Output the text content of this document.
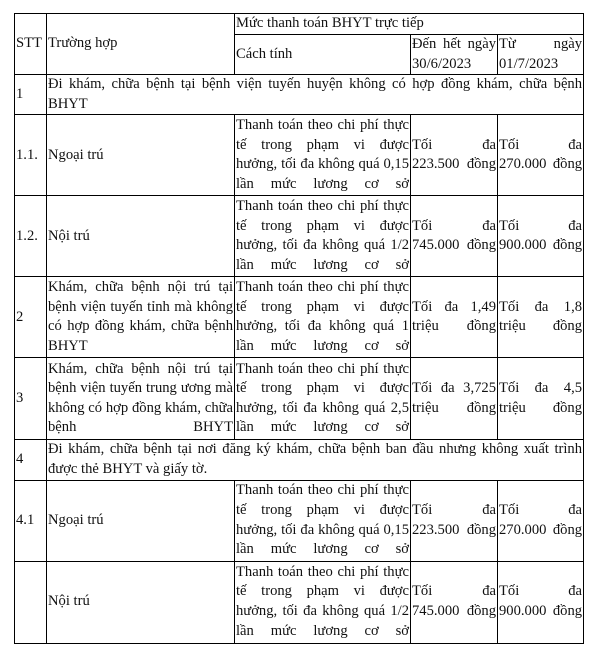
STT	Trường hợp	Mức thanh toán BHYT trực tiếp		
		Cách tính	Đến hết ngày 30/6/2023	Từ ngày 01/7/2023
1	Đi khám, chữa bệnh tại bệnh viện tuyến huyện không có hợp đồng khám, chữa bệnh BHYT			
1.1.	Ngoại trú	Thanh toán theo chi phí thực tế trong phạm vi được hưởng, tối đa không quá 0,15 lần mức lương cơ sở	Tối đa 223.500 đồng	Tối đa 270.000 đồng
1.2.	Nội trú	Thanh toán theo chi phí thực tế trong phạm vi được hưởng, tối đa không quá 1/2 lần mức lương cơ sở	Tối đa 745.000 đồng	Tối đa 900.000 đồng
2	Khám, chữa bệnh nội trú tại bệnh viện tuyến tỉnh mà không có hợp đồng khám, chữa bệnh BHYT	Thanh toán theo chi phí thực tế trong phạm vi được hưởng, tối đa không quá 1 lần mức lương cơ sở	Tối đa 1,49 triệu đồng	Tối đa 1,8 triệu đồng
3	Khám, chữa bệnh nội trú tại bệnh viện tuyến trung ương mà không có hợp đồng khám, chữa bệnh BHYT	Thanh toán theo chi phí thực tế trong phạm vi được hưởng, tối đa không quá 2,5 lần mức lương cơ sở	Tối đa 3,725 triệu đồng	Tối đa 4,5 triệu đồng
4	Đi khám, chữa bệnh tại nơi đăng ký khám, chữa bệnh ban đầu nhưng không xuất trình được thẻ BHYT và giấy tờ.			
4.1	Ngoại trú	Thanh toán theo chi phí thực tế trong phạm vi được hưởng, tối đa không quá 0,15 lần mức lương cơ sở	Tối đa 223.500 đồng	Tối đa 270.000 đồng
	Nội trú	Thanh toán theo chi phí thực tế trong phạm vi được hưởng, tối đa không quá 1/2 lần mức lương cơ sở	Tối đa 745.000 đồng	Tối đa 900.000 đồng
